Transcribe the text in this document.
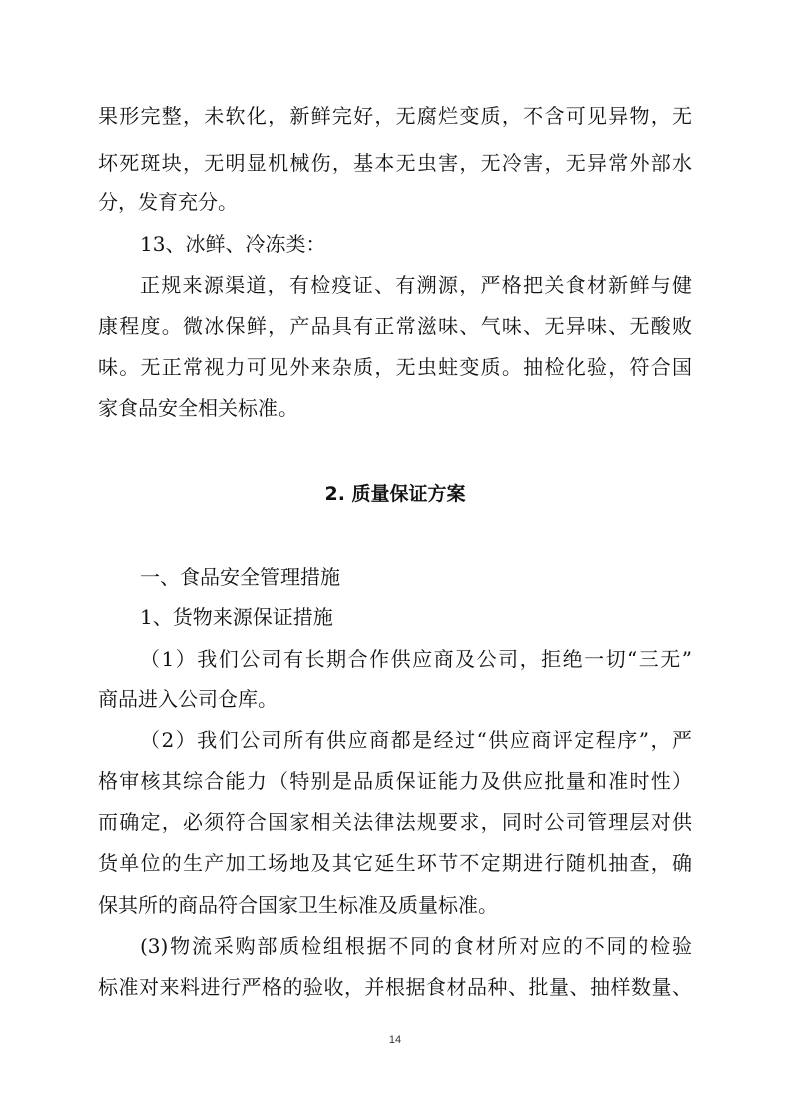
果形完整，未软化，新鲜完好，无腐烂变质，不含可见异物，无
坏死斑块，无明显机械伤，基本无虫害，无冷害，无异常外部水
分，发育充分。
13、冰鲜、冷冻类：
正规来源渠道，有检疫证、有溯源，严格把关食材新鲜与健
康程度。微冰保鲜，产品具有正常滋味、气味、无异味、无酸败
味。无正常视力可见外来杂质，无虫蛀变质。抽检化验，符合国
家食品安全相关标准。
2. 质量保证方案
一、食品安全管理措施
1、货物来源保证措施
（1）我们公司有长期合作供应商及公司，拒绝一切“三无”
商品进入公司仓库。
（2）我们公司所有供应商都是经过“供应商评定程序”，严
格审核其综合能力（特别是品质保证能力及供应批量和准时性）
而确定，必须符合国家相关法律法规要求，同时公司管理层对供
货单位的生产加工场地及其它延生环节不定期进行随机抽查，确
保其所的商品符合国家卫生标准及质量标准。
(3)物流采购部质检组根据不同的食材所对应的不同的检验
标准对来料进行严格的验收，并根据食材品种、批量、抽样数量、
14
